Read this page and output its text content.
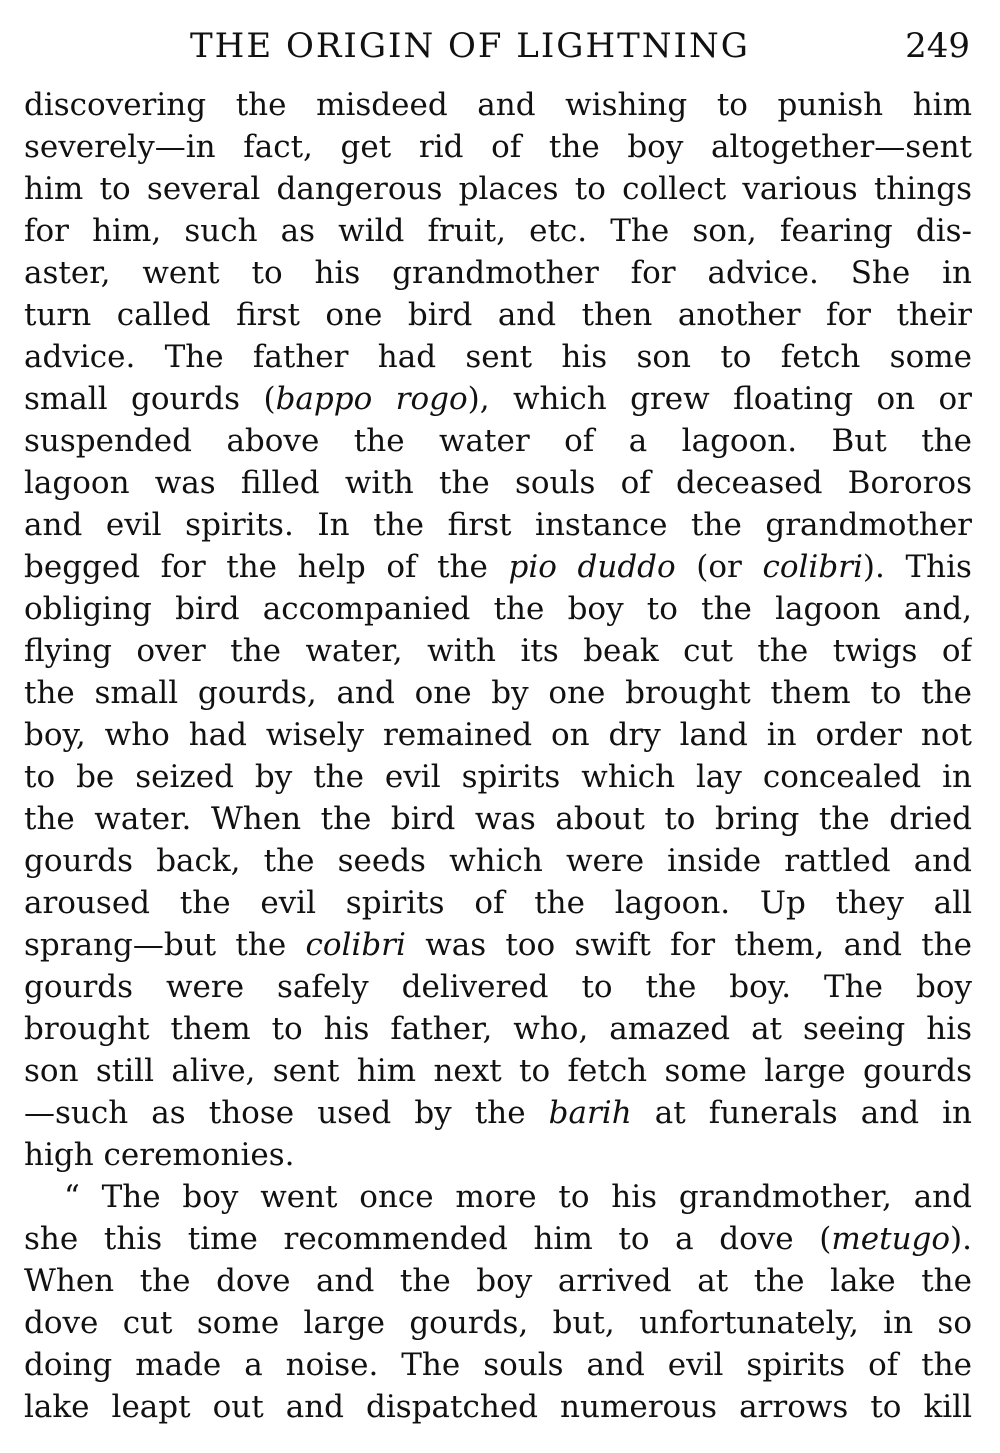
THE ORIGIN OF LIGHTNING	249
discovering the misdeed and wishing to punish him
severely—in fact, get rid of the boy altogether—sent
him to several dangerous places to collect various things
for him, such as wild fruit, etc. The son, fearing dis-
aster, went to his grandmother for advice. She in
turn called first one bird and then another for their
advice. The father had sent his son to fetch some
small gourds (bappo rogo), which grew floating on or
suspended above the water of a lagoon. But the
lagoon was filled with the souls of deceased Bororos
and evil spirits. In the first instance the grandmother
begged for the help of the pio duddo (or colibri). This
obliging bird accompanied the boy to the lagoon and,
flying over the water, with its beak cut the twigs of
the small gourds, and one by one brought them to the
boy, who had wisely remained on dry land in order not
to be seized by the evil spirits which lay concealed in
the water. When the bird was about to bring the dried
gourds back, the seeds which were inside rattled and
aroused the evil spirits of the lagoon. Up they all
sprang—but the colibri was too swift for them, and the
gourds were safely delivered to the boy. The boy
brought them to his father, who, amazed at seeing his
son still alive, sent him next to fetch some large gourds
—such as those used by the barih at funerals and in
high ceremonies.
“ The boy went once more to his grandmother, and
she this time recommended him to a dove (metugo).
When the dove and the boy arrived at the lake the
dove cut some large gourds, but, unfortunately, in so
doing made a noise. The souls and evil spirits of the
lake leapt out and dispatched numerous arrows to kill
